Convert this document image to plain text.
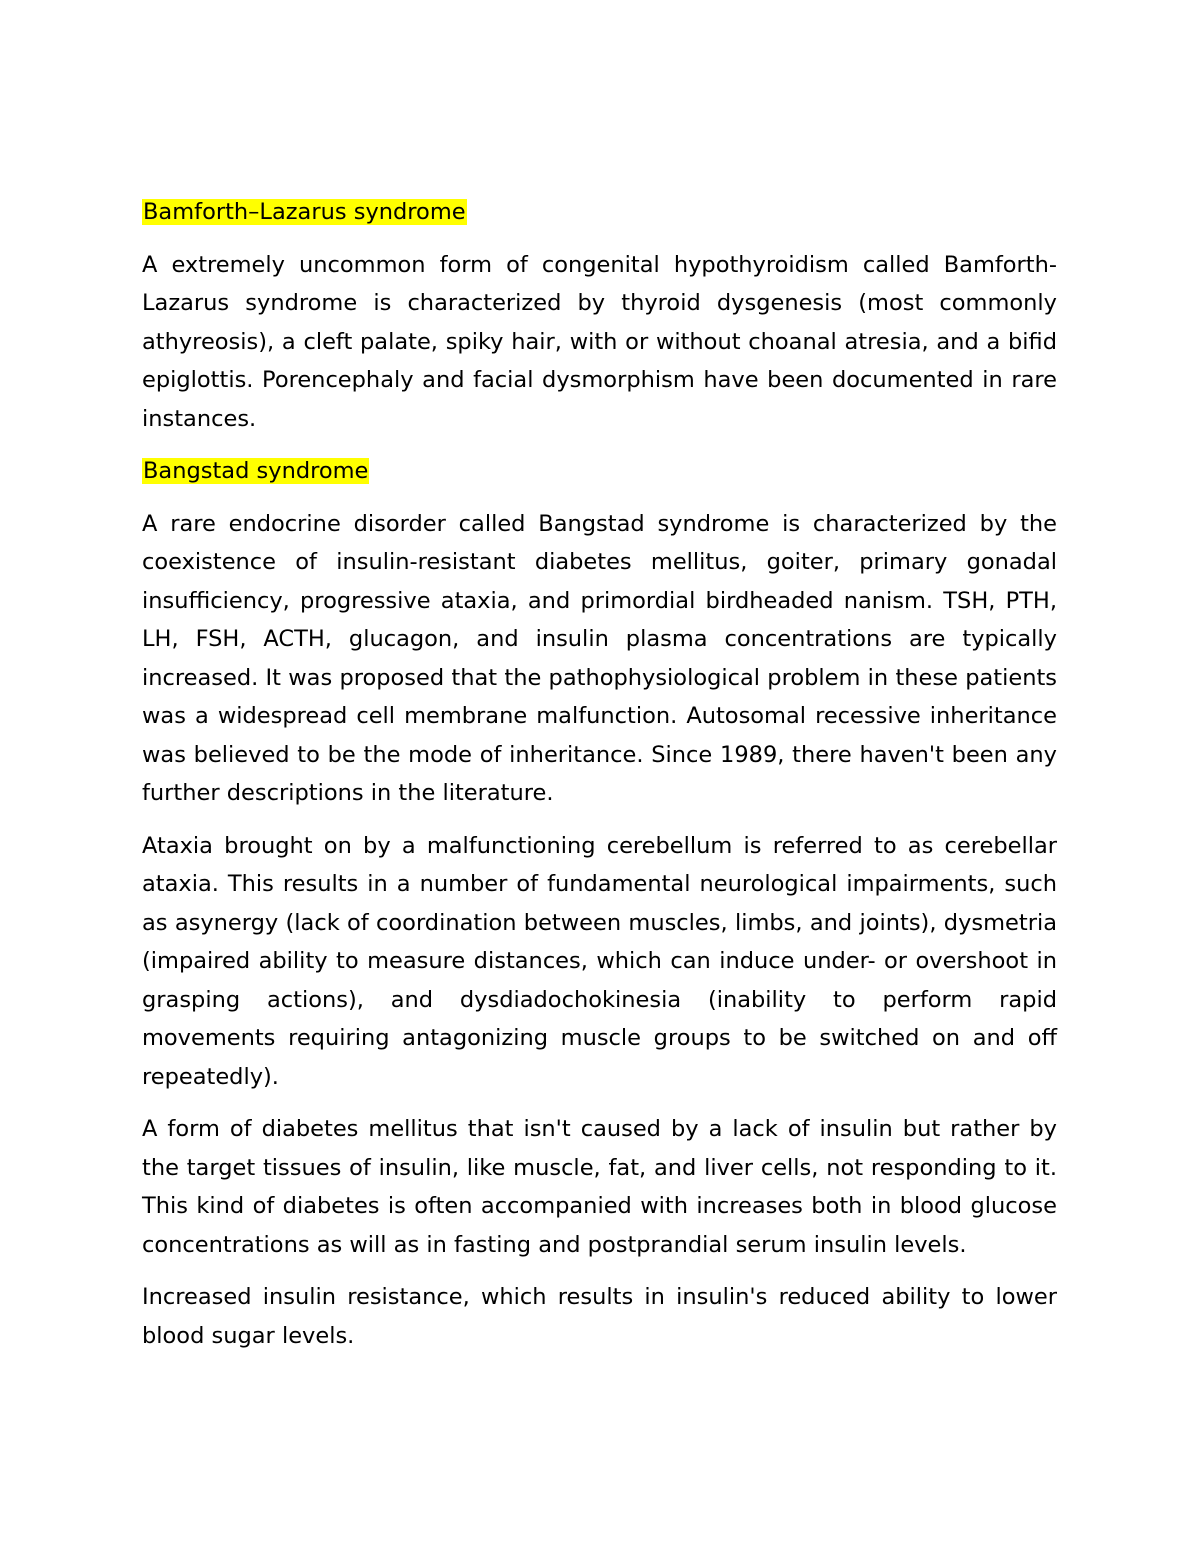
Bamforth–Lazarus syndrome

A extremely uncommon form of congenital hypothyroidism called Bamforth-Lazarus syndrome is characterized by thyroid dysgenesis (most commonly athyreosis), a cleft palate, spiky hair, with or without choanal atresia, and a bifid epiglottis. Porencephaly and facial dysmorphism have been documented in rare instances.

Bangstad syndrome

A rare endocrine disorder called Bangstad syndrome is characterized by the coexistence of insulin-resistant diabetes mellitus, goiter, primary gonadal insufficiency, progressive ataxia, and primordial birdheaded nanism. TSH, PTH, LH, FSH, ACTH, glucagon, and insulin plasma concentrations are typically increased. It was proposed that the pathophysiological problem in these patients was a widespread cell membrane malfunction. Autosomal recessive inheritance was believed to be the mode of inheritance. Since 1989, there haven't been any further descriptions in the literature.

Ataxia brought on by a malfunctioning cerebellum is referred to as cerebellar ataxia. This results in a number of fundamental neurological impairments, such as asynergy (lack of coordination between muscles, limbs, and joints), dysmetria (impaired ability to measure distances, which can induce under- or overshoot in grasping actions), and dysdiadochokinesia (inability to perform rapid movements requiring antagonizing muscle groups to be switched on and off repeatedly).

A form of diabetes mellitus that isn't caused by a lack of insulin but rather by the target tissues of insulin, like muscle, fat, and liver cells, not responding to it. This kind of diabetes is often accompanied with increases both in blood glucose concentrations as will as in fasting and postprandial serum insulin levels.

Increased insulin resistance, which results in insulin's reduced ability to lower blood sugar levels.
